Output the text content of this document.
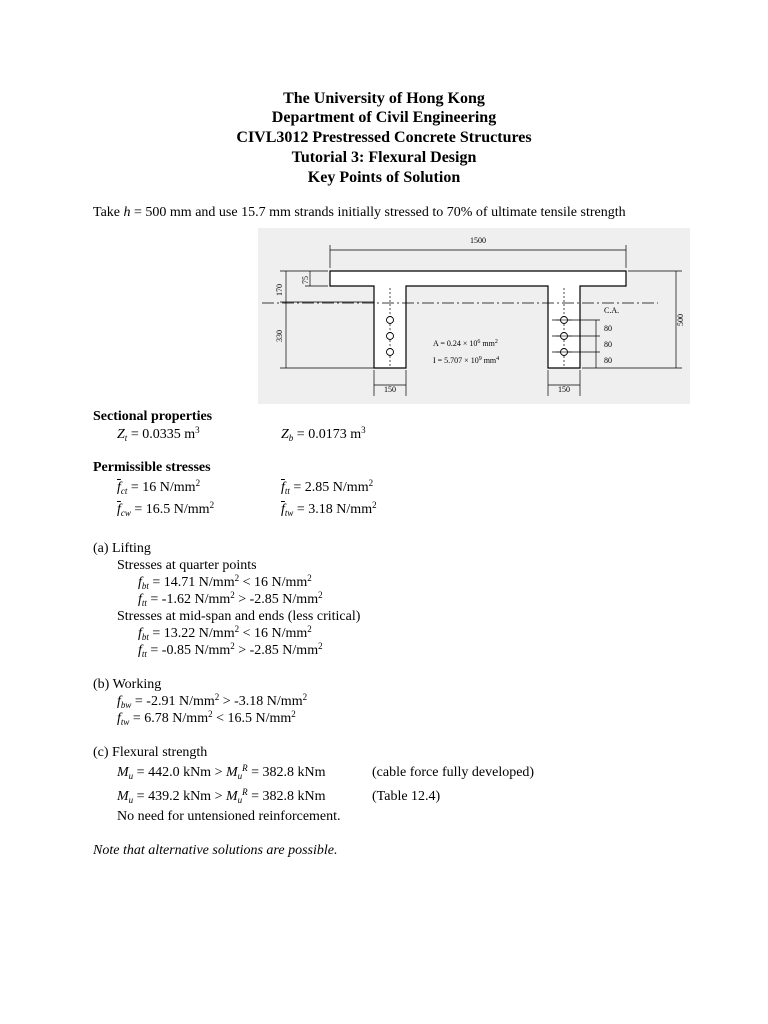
The University of Hong Kong
Department of Civil Engineering
CIVL3012 Prestressed Concrete Structures
Tutorial 3: Flexural Design
Key Points of Solution
Take h = 500 mm and use 15.7 mm strands initially stressed to 70% of ultimate tensile strength
1500
170
75
330
500
150	150
C.A.
80
80
80
$A = 0.24 \times 10^6$ $mm^2$
$I = 5.707 \times 10^9$ $mm^4$
Sectional properties
$Z_t = 0.0335$ $m^3$	$Z_b = 0.0173$ $m^3$
Permissible stresses
$\overline{f}_{ct} = 16$ $N/mm^2$	$\overline{f}_{tt} = 2.85$ $N/mm^2$
$\overline{f}_{cw} = 16.5$ $N/mm^2$	$\overline{f}_{tw} = 3.18$ $N/mm^2$
(a) Lifting
Stresses at quarter points
$f_{bt} = 14.71$ $N/mm^2 < 16$ $N/mm^2$
$f_{tt} = -1.62$ $N/mm^2 > -2.85$ $N/mm^2$
Stresses at mid-span and ends (less critical)
$f_{bt} = 13.22$ $N/mm^2 < 16$ $N/mm^2$
$f_{tt} = -0.85$ $N/mm^2 > -2.85$ $N/mm^2$
(b) Working
$f_{bw} = -2.91$ $N/mm^2 > -3.18$ $N/mm^2$
$f_{tw} = 6.78$ $N/mm^2 < 16.5$ $N/mm^2$
(c) Flexural strength
$M_u = 442.0$ kNm > $M_u^R = 382.8$ kNm	(cable force fully developed)
$M_u = 439.2$ kNm > $M_u^R = 382.8$ kNm	(Table 12.4)
No need for untensioned reinforcement.
Note that alternative solutions are possible.
